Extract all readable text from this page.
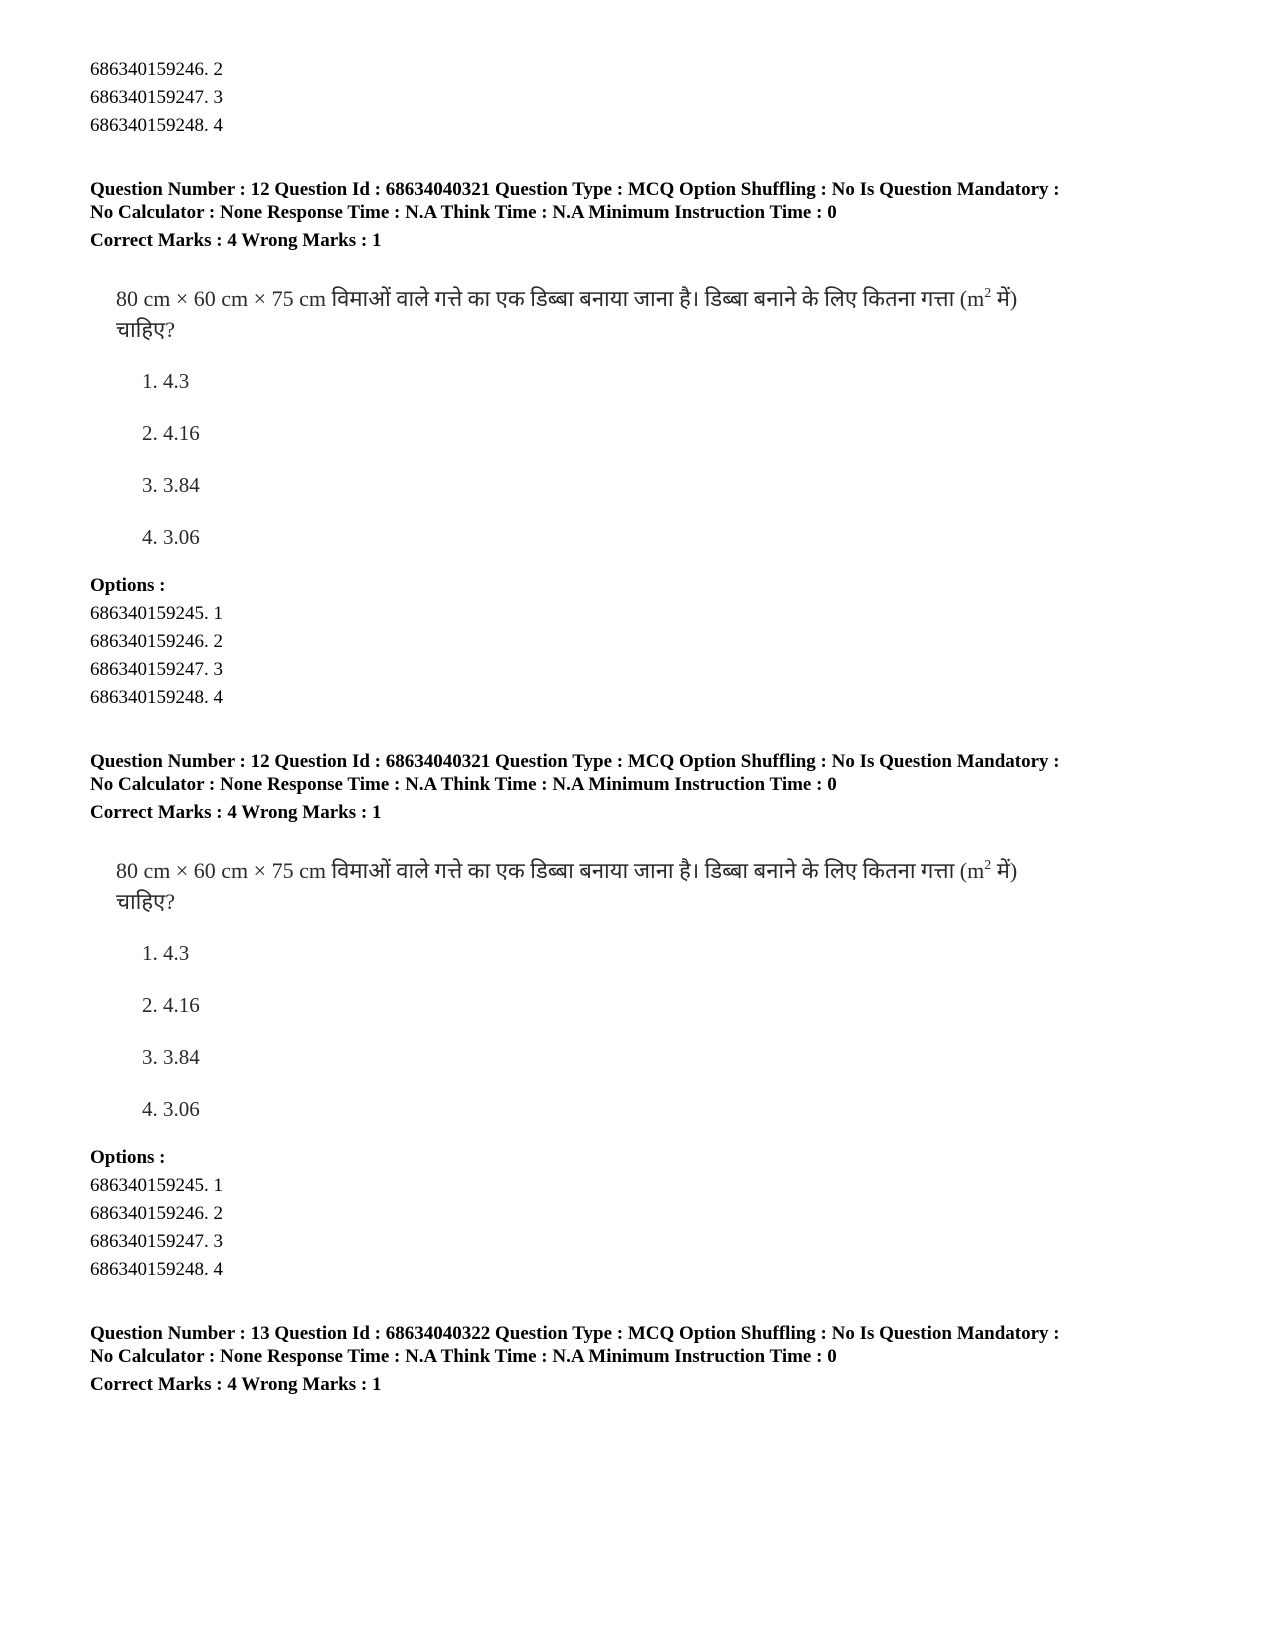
686340159246. 2
686340159247. 3
686340159248. 4
Question Number : 12 Question Id : 68634040321 Question Type : MCQ Option Shuffling : No Is Question Mandatory :
No Calculator : None Response Time : N.A Think Time : N.A Minimum Instruction Time : 0
Correct Marks : 4 Wrong Marks : 1
80 cm × 60 cm × 75 cm विमाओं वाले गत्ते का एक डिब्बा बनाया जाना है। डिब्बा बनाने के लिए कितना गत्ता ($m^2$ में)
चाहिए?
1. 4.3
2. 4.16
3. 3.84
4. 3.06
Options :
686340159245. 1
686340159246. 2
686340159247. 3
686340159248. 4
Question Number : 12 Question Id : 68634040321 Question Type : MCQ Option Shuffling : No Is Question Mandatory :
No Calculator : None Response Time : N.A Think Time : N.A Minimum Instruction Time : 0
Correct Marks : 4 Wrong Marks : 1
80 cm × 60 cm × 75 cm विमाओं वाले गत्ते का एक डिब्बा बनाया जाना है। डिब्बा बनाने के लिए कितना गत्ता ($m^2$ में)
चाहिए?
1. 4.3
2. 4.16
3. 3.84
4. 3.06
Options :
686340159245. 1
686340159246. 2
686340159247. 3
686340159248. 4
Question Number : 13 Question Id : 68634040322 Question Type : MCQ Option Shuffling : No Is Question Mandatory :
No Calculator : None Response Time : N.A Think Time : N.A Minimum Instruction Time : 0
Correct Marks : 4 Wrong Marks : 1
